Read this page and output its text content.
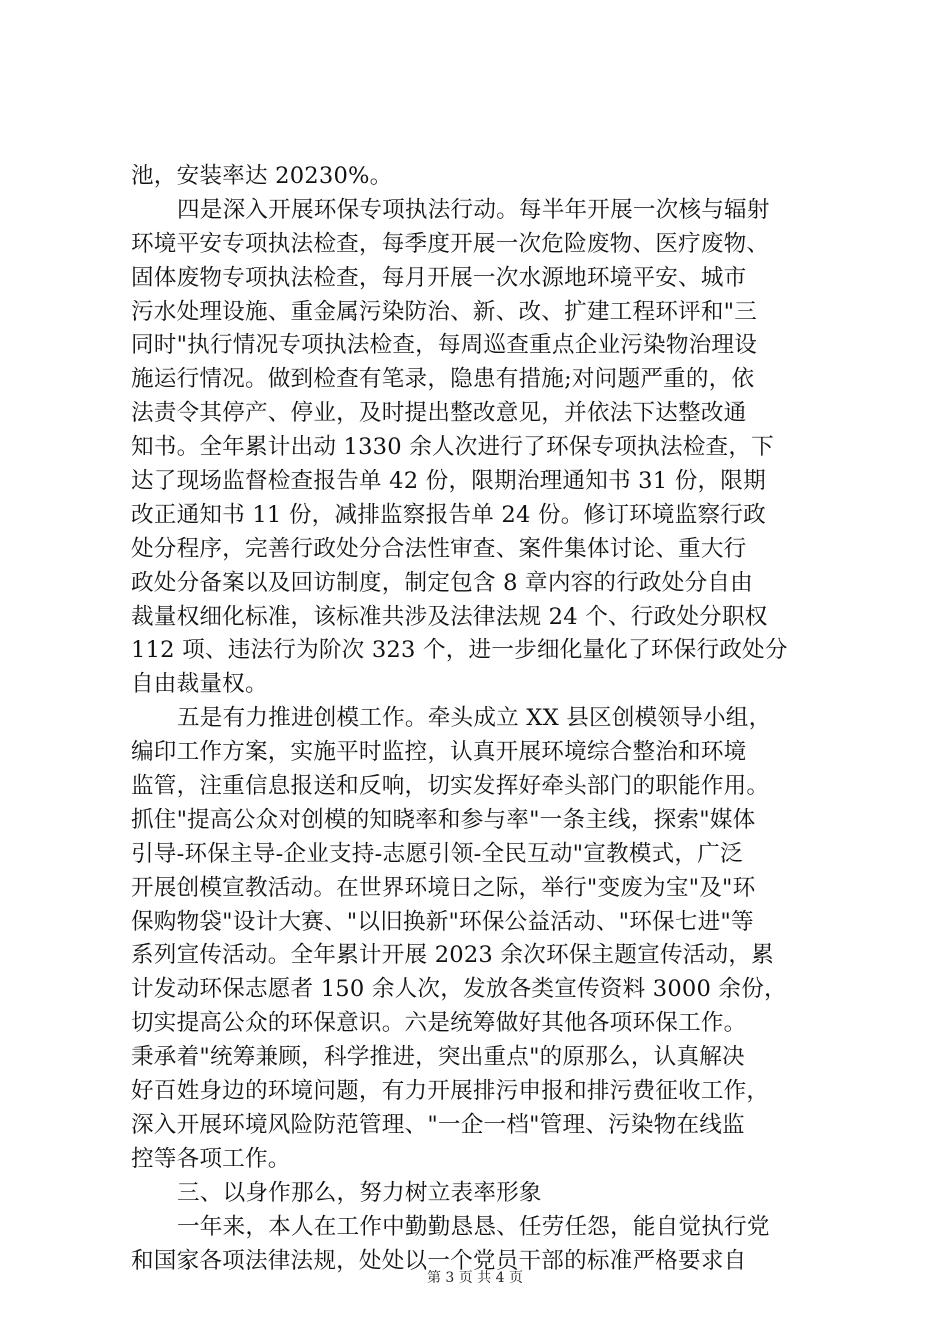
池，安装率达 20230%。
四是深入开展环保专项执法行动。每半年开展一次核与辐射
环境平安专项执法检查，每季度开展一次危险废物、医疗废物、
固体废物专项执法检查，每月开展一次水源地环境平安、城市
污水处理设施、重金属污染防治、新、改、扩建工程环评和"三
同时"执行情况专项执法检查，每周巡查重点企业污染物治理设
施运行情况。做到检查有笔录，隐患有措施;对问题严重的，依
法责令其停产、停业，及时提出整改意见，并依法下达整改通
知书。全年累计出动 1330 余人次进行了环保专项执法检查，下
达了现场监督检查报告单 42 份，限期治理通知书 31 份，限期
改正通知书 11 份，减排监察报告单 24 份。修订环境监察行政
处分程序，完善行政处分合法性审查、案件集体讨论、重大行
政处分备案以及回访制度，制定包含 8 章内容的行政处分自由
裁量权细化标准，该标准共涉及法律法规 24 个、行政处分职权
112 项、违法行为阶次 323 个，进一步细化量化了环保行政处分
自由裁量权。
五是有力推进创模工作。牵头成立 XX 县区创模领导小组，
编印工作方案，实施平时监控，认真开展环境综合整治和环境
监管，注重信息报送和反响，切实发挥好牵头部门的职能作用。
抓住"提高公众对创模的知晓率和参与率"一条主线，探索"媒体
引导-环保主导-企业支持-志愿引领-全民互动"宣教模式，广泛
开展创模宣教活动。在世界环境日之际，举行"变废为宝"及"环
保购物袋"设计大赛、"以旧换新"环保公益活动、"环保七进"等
系列宣传活动。全年累计开展 2023 余次环保主题宣传活动，累
计发动环保志愿者 150 余人次，发放各类宣传资料 3000 余份，
切实提高公众的环保意识。六是统筹做好其他各项环保工作。
秉承着"统筹兼顾，科学推进，突出重点"的原那么，认真解决
好百姓身边的环境问题，有力开展排污申报和排污费征收工作，
深入开展环境风险防范管理、"一企一档"管理、污染物在线监
控等各项工作。
三、以身作那么，努力树立表率形象
一年来，本人在工作中勤勤恳恳、任劳任怨，能自觉执行党
和国家各项法律法规，处处以一个党员干部的标准严格要求自
第 3 页 共 4 页
